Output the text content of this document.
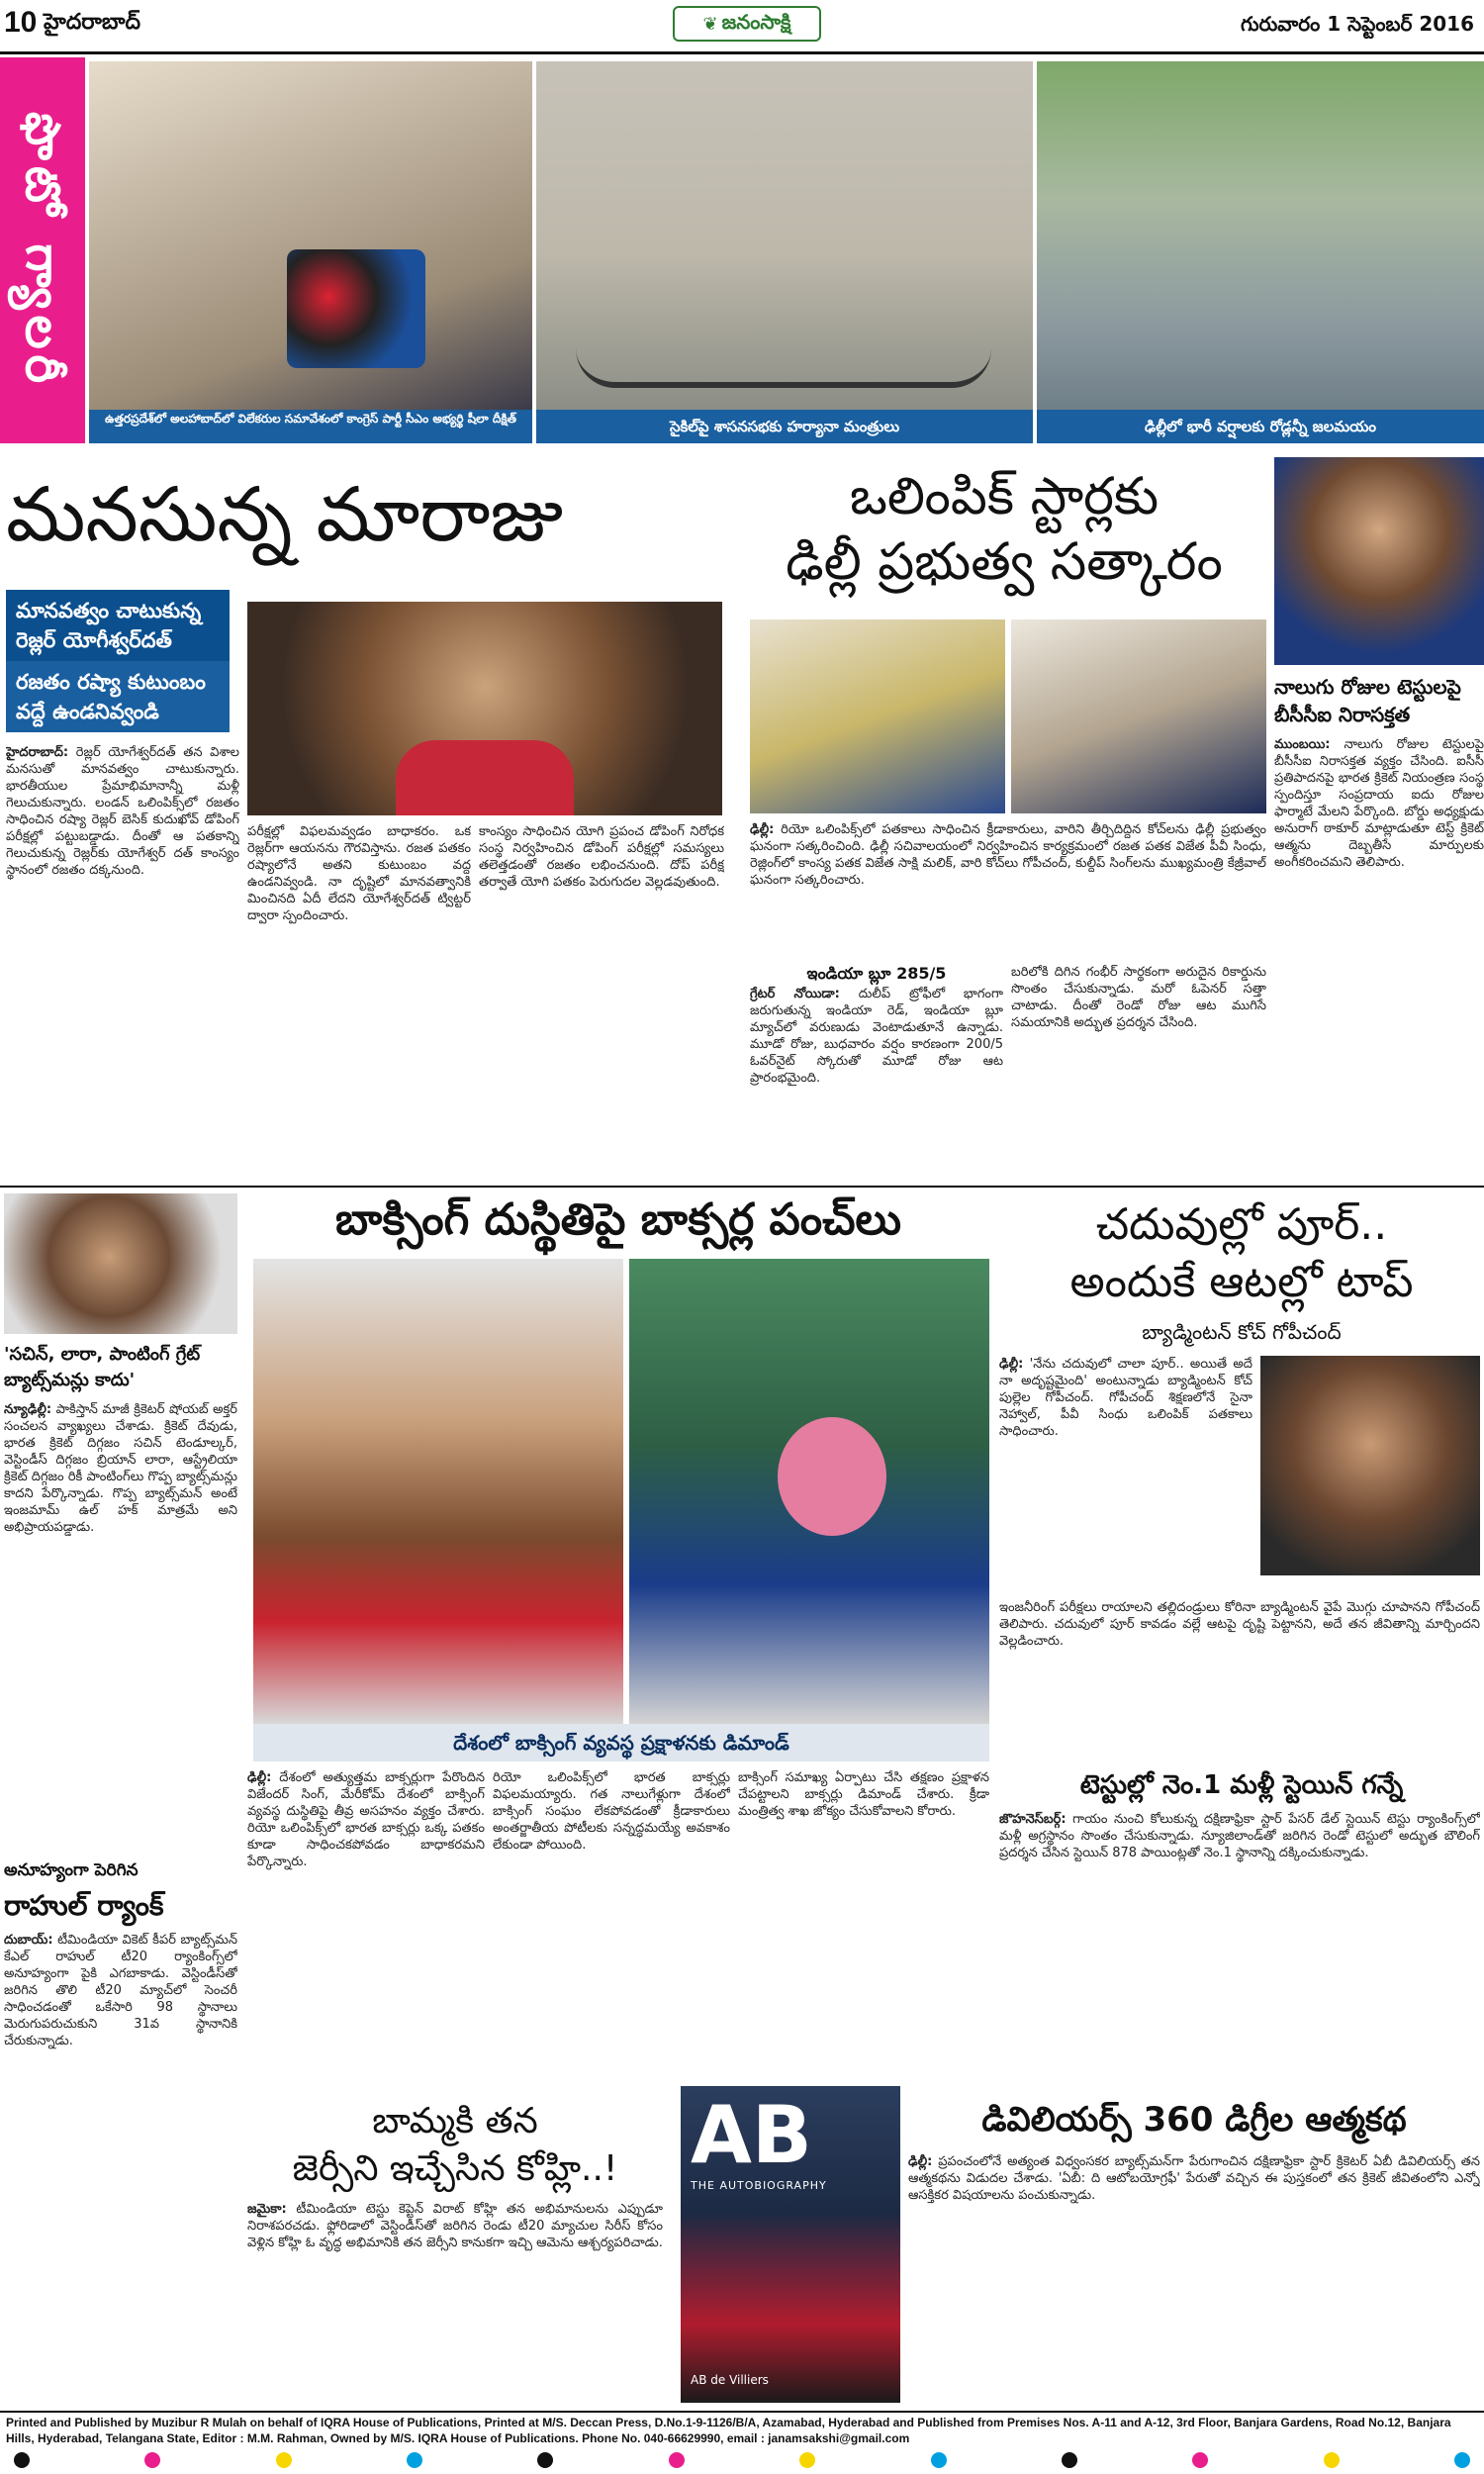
10 హైదరాబాద్	❦ జనంసాక్షి	గురువారం 1 సెప్టెంబర్ 2016
ఫొటో గ్యాలరీ
ఉత్తరప్రదేశ్‌లో అలహాబాద్‌లో విలేకరుల సమావేశంలో కాంగ్రెస్ పార్టీ సీఎం అభ్యర్థి షీలా దీక్షిత్	సైకిల్‌పై శాసనసభకు హర్యానా మంత్రులు	ఢిల్లీలో భారీ వర్షాలకు రోడ్లన్నీ జలమయం
మనసున్న మారాజు
మానవత్వం చాటుకున్న రెజ్లర్ యోగీశ్వర్‌దత్
రజతం రష్యా కుటుంబం వద్దే ఉండనివ్వండి
హైదరాబాద్: రెజ్లర్ యోగేశ్వర్‌దత్ తన విశాల మనసుతో మానవత్వం చాటుకున్నారు. భారతీయుల ప్రేమాభిమానాన్నీ మళ్లీ గెలుచుకున్నారు. లండన్ ఒలింపిక్స్‌లో రజతం సాధించిన రష్యా రెజ్లర్ బెసిక్ కుదుఖోవ్ డోపింగ్ పరీక్షల్లో పట్టుబడ్డాడు. దీంతో ఆ పతకాన్ని గెలుచుకున్న రెజ్లర్‌కు యోగేశ్వర్ దత్ కాంస్యం స్థానంలో రజతం దక్కనుంది.
పరీక్షల్లో విఫలమవ్వడం బాధాకరం. ఒక రెజ్లర్‌గా ఆయనను గౌరవిస్తాను. రజత పతకం రష్యాలోనే అతని కుటుంబం వద్ద ఉండనివ్వండి. నా దృష్టిలో మానవత్వానికి మించినది ఏదీ లేదని యోగేశ్వర్‌దత్ ట్విట్టర్ ద్వారా స్పందించారు.
కాంస్యం సాధించిన యోగి ప్రపంచ డోపింగ్ నిరోధక సంస్థ నిర్వహించిన డోపింగ్ పరీక్షల్లో సమస్యలు తలెత్తడంతో రజతం లభించనుంది. దోప్ పరీక్ష తర్వాతే యోగి పతకం పెరుగుదల వెల్లడవుతుంది.
ఒలింపిక్ స్టార్లకు
ఢిల్లీ ప్రభుత్వ సత్కారం
ఢిల్లీ: రియో ఒలింపిక్స్‌లో పతకాలు సాధించిన క్రీడాకారులు, వారిని తీర్చిదిద్దిన కోచ్‌లను ఢిల్లీ ప్రభుత్వం ఘనంగా సత్కరించింది. ఢిల్లీ సచివాలయంలో నిర్వహించిన కార్యక్రమంలో రజత పతక విజేత పీవీ సింధు, రెజ్లింగ్‌లో కాంస్య పతక విజేత సాక్షి మలిక్, వారి కోచ్‌లు గోపీచంద్, కుల్దీప్ సింగ్‌లను ముఖ్యమంత్రి కేజ్రీవాల్ ఘనంగా సత్కరించారు.
ఇండియా బ్లూ 285/5
గ్రేటర్ నోయిడా: దులీప్ ట్రోఫీలో భాగంగా జరుగుతున్న ఇండియా రెడ్, ఇండియా బ్లూ మ్యాచ్‌లో వరుణుడు వెంటాడుతూనే ఉన్నాడు. మూడో రోజు, బుధవారం వర్షం కారణంగా 200/5 ఓవర్‌నైట్ స్కోరుతో మూడో రోజు ఆట ప్రారంభమైంది.
బరిలోకి దిగిన గంభీర్ సార్థకంగా అరుదైన రికార్డును సొంతం చేసుకున్నాడు. మరో ఓపెనర్ సత్తా చాటాడు. దీంతో రెండో రోజు ఆట ముగిసే సమయానికి అద్భుత ప్రదర్శన చేసింది.
నాలుగు రోజుల టెస్టులపై బీసీసీఐ నిరాసక్తత
ముంబయి: నాలుగు రోజుల టెస్టులపై బీసీసీఐ నిరాసక్తత వ్యక్తం చేసింది. ఐసీసీ ప్రతిపాదనపై భారత క్రికెట్ నియంత్రణ సంస్థ స్పందిస్తూ సంప్రదాయ ఐదు రోజుల ఫార్మాటే మేలని పేర్కొంది. బోర్డు అధ్యక్షుడు అనురాగ్ ఠాకూర్ మాట్లాడుతూ టెస్ట్ క్రికెట్ ఆత్మను దెబ్బతీసే మార్పులకు అంగీకరించమని తెలిపారు.
'సచిన్, లారా, పాంటింగ్ గ్రేట్ బ్యాట్స్‌మన్లు కాదు'
న్యూఢిల్లీ: పాకిస్తాన్ మాజీ క్రికెటర్ షోయబ్ అక్తర్ సంచలన వ్యాఖ్యలు చేశాడు. క్రికెట్ దేవుడు, భారత క్రికెట్ దిగ్గజం సచిన్ టెండూల్కర్, వెస్టిండీస్ దిగ్గజం బ్రియాన్ లారా, ఆస్ట్రేలియా క్రికెట్ దిగ్గజం రికీ పాంటింగ్‌లు గొప్ప బ్యాట్స్‌మన్లు కాదని పేర్కొన్నాడు. గొప్ప బ్యాట్స్‌మన్ అంటే ఇంజమామ్ ఉల్ హక్ మాత్రమే అని అభిప్రాయపడ్డాడు.
అనూహ్యంగా పెరిగిన
రాహుల్ ర్యాంక్
దుబాయ్: టీమిండియా వికెట్ కీపర్ బ్యాట్స్‌మన్ కేఎల్ రాహుల్ టీ20 ర్యాంకింగ్స్‌లో అనూహ్యంగా పైకి ఎగబాకాడు. వెస్టిండీస్‌తో జరిగిన తొలి టీ20 మ్యాచ్‌లో సెంచరీ సాధించడంతో ఒకేసారి 98 స్థానాలు మెరుగుపరుచుకుని 31వ స్థానానికి చేరుకున్నాడు.
బాక్సింగ్ దుస్థితిపై బాక్సర్ల పంచ్‌లు
దేశంలో బాక్సింగ్ వ్యవస్థ ప్రక్షాళనకు డిమాండ్
ఢిల్లీ: దేశంలో అత్యుత్తమ బాక్సర్లుగా పేరొందిన విజేందర్ సింగ్, మేరీకోమ్ దేశంలో బాక్సింగ్ వ్యవస్థ దుస్థితిపై తీవ్ర అసహనం వ్యక్తం చేశారు. రియో ఒలింపిక్స్‌లో భారత బాక్సర్లు ఒక్క పతకం కూడా సాధించకపోవడం బాధాకరమని పేర్కొన్నారు.
రియో ఒలింపిక్స్‌లో భారత బాక్సర్లు విఫలమయ్యారు. గత నాలుగేళ్లుగా దేశంలో బాక్సింగ్ సంఘం లేకపోవడంతో క్రీడాకారులు అంతర్జాతీయ పోటీలకు సన్నద్ధమయ్యే అవకాశం లేకుండా పోయింది.
బాక్సింగ్ సమాఖ్య ఏర్పాటు చేసి తక్షణం ప్రక్షాళన చేపట్టాలని బాక్సర్లు డిమాండ్ చేశారు. క్రీడా మంత్రిత్వ శాఖ జోక్యం చేసుకోవాలని కోరారు.
చదువుల్లో పూర్..
అందుకే ఆటల్లో టాప్
బ్యాడ్మింటన్ కోచ్ గోపీచంద్
ఢిల్లీ: 'నేను చదువులో చాలా పూర్.. అయితే అదే నా అదృష్టమైంది' అంటున్నాడు బ్యాడ్మింటన్ కోచ్ పుల్లెల గోపీచంద్. గోపీచంద్ శిక్షణలోనే సైనా నెహ్వాల్, పీవీ సింధు ఒలింపిక్ పతకాలు సాధించారు.
ఇంజనీరింగ్ పరీక్షలు రాయాలని తల్లిదండ్రులు కోరినా బ్యాడ్మింటన్ వైపే మొగ్గు చూపానని గోపీచంద్ తెలిపారు. చదువులో పూర్ కావడం వల్లే ఆటపై దృష్టి పెట్టానని, అదే తన జీవితాన్ని మార్చిందని వెల్లడించారు.
టెస్టుల్లో నెం.1 మళ్లీ స్టెయిన్ గన్నే
జొహనెస్‌బర్గ్: గాయం నుంచి కోలుకున్న దక్షిణాఫ్రికా స్టార్ పేసర్ డేల్ స్టెయిన్ టెస్టు ర్యాంకింగ్స్‌లో మళ్లీ అగ్రస్థానం సొంతం చేసుకున్నాడు. న్యూజిలాండ్‌తో జరిగిన రెండో టెస్టులో అద్భుత బౌలింగ్ ప్రదర్శన చేసిన స్టెయిన్ 878 పాయింట్లతో నెం.1 స్థానాన్ని దక్కించుకున్నాడు.
బామ్మకి తన
జెర్సీని ఇచ్చేసిన కోహ్లి..!
జమైకా: టీమిండియా టెస్టు కెప్టెన్ విరాట్ కోహ్లి తన అభిమానులను ఎప్పుడూ నిరాశపరచడు. ఫ్లోరిడాలో వెస్టిండీస్‌తో జరిగిన రెండు టీ20 మ్యాచుల సిరీస్ కోసం వెళ్లిన కోహ్లి ఓ వృద్ధ అభిమానికి తన జెర్సీని కానుకగా ఇచ్చి ఆమెను ఆశ్చర్యపరిచాడు.
AB
THE AUTOBIOGRAPHY
AB de Villiers
డివిలియర్స్ 360 డిగ్రీల ఆత్మకథ
ఢిల్లీ: ప్రపంచంలోనే అత్యంత విధ్వంసకర బ్యాట్స్‌మన్‌గా పేరుగాంచిన దక్షిణాఫ్రికా స్టార్ క్రికెటర్ ఏబీ డివిలియర్స్ తన ఆత్మకథను విడుదల చేశాడు. 'ఏబీ: ది ఆటోబయోగ్రఫీ' పేరుతో వచ్చిన ఈ పుస్తకంలో తన క్రికెట్ జీవితంలోని ఎన్నో ఆసక్తికర విషయాలను పంచుకున్నాడు.
Printed and Published by Muzibur R Mulah on behalf of IQRA House of Publications, Printed at M/S. Deccan Press, D.No.1-9-1126/B/A, Azamabad, Hyderabad and Published from Premises Nos. A-11 and A-12, 3rd Floor, Banjara Gardens, Road No.12, Banjara Hills, Hyderabad, Telangana State, Editor : M.M. Rahman, Owned by M/S. IQRA House of Publications. Phone No. 040-66629990, email : janamsakshi@gmail.com
